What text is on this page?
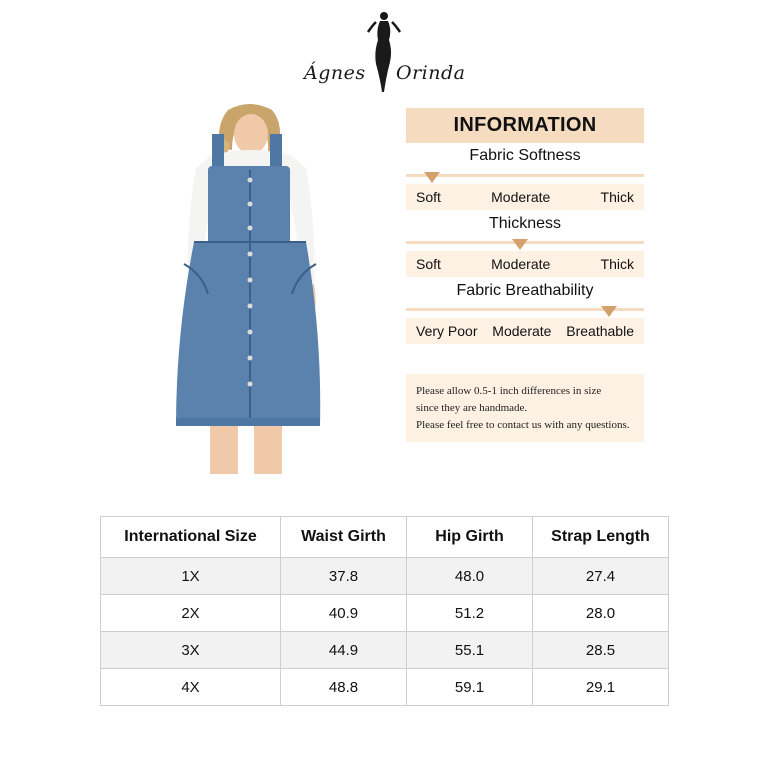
Ágnes Orinda
INFORMATION
Fabric Softness
Soft	Moderate	Thick
Thickness
Soft	Moderate	Thick
Fabric Breathability
Very Poor Moderate Breathable
Please allow 0.5-1 inch differences in size
since they are handmade.
Please feel free to contact us with any questions.
International Size	Waist Girth	Hip Girth	Strap Length
1X	37.8	48.0	27.4
2X	40.9	51.2	28.0
3X	44.9	55.1	28.5
4X	48.8	59.1	29.1
